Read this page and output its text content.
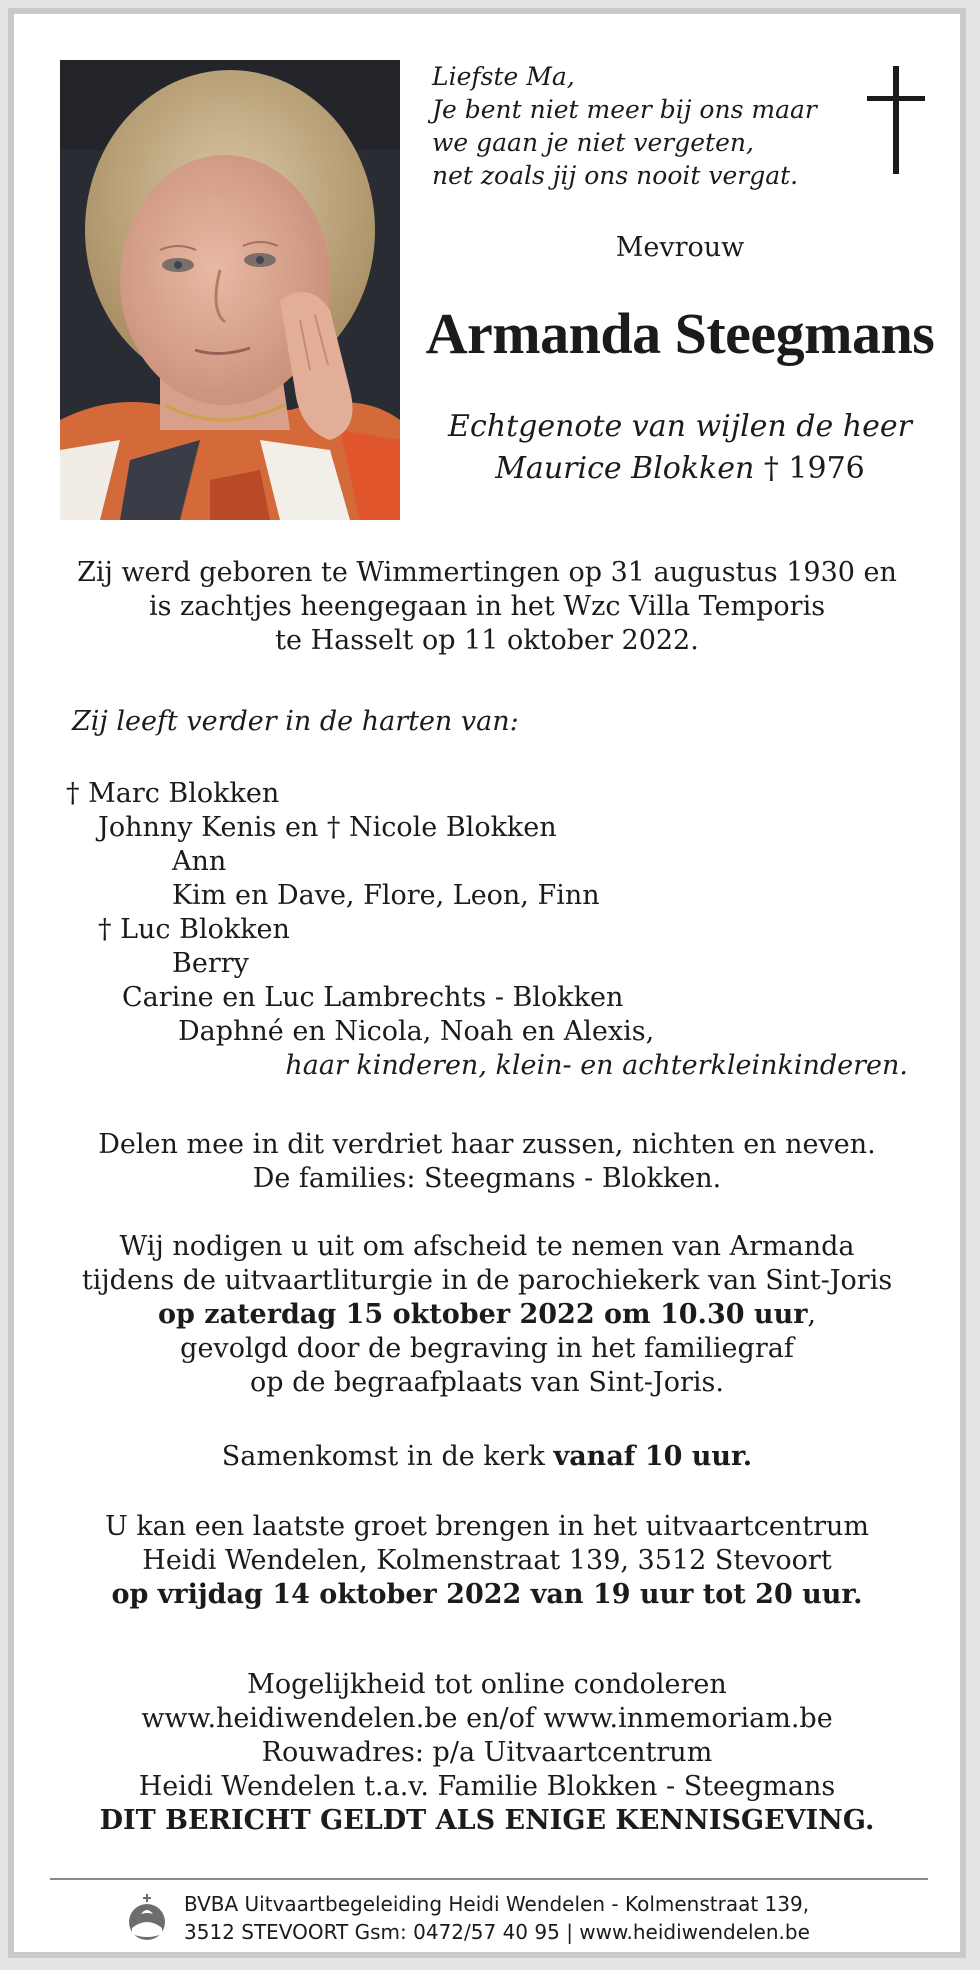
Liefste Ma,
Je bent niet meer bij ons maar
we gaan je niet vergeten,
net zoals jij ons nooit vergat.
Mevrouw
Armanda Steegmans
Echtgenote van wijlen de heer
Maurice Blokken † 1976
Zij werd geboren te Wimmertingen op 31 augustus 1930 en
is zachtjes heengegaan in het Wzc Villa Temporis
te Hasselt op 11 oktober 2022.
Zij leeft verder in de harten van:
† Marc Blokken
Johnny Kenis en † Nicole Blokken
Ann
Kim en Dave, Flore, Leon, Finn
† Luc Blokken
Berry
Carine en Luc Lambrechts - Blokken
Daphné en Nicola, Noah en Alexis,
haar kinderen, klein- en achterkleinkinderen.
Delen mee in dit verdriet haar zussen, nichten en neven.
De families: Steegmans - Blokken.
Wij nodigen u uit om afscheid te nemen van Armanda
tijdens de uitvaartliturgie in de parochiekerk van Sint-Joris
op zaterdag 15 oktober 2022 om 10.30 uur,
gevolgd door de begraving in het familiegraf
op de begraafplaats van Sint-Joris.
Samenkomst in de kerk vanaf 10 uur.
U kan een laatste groet brengen in het uitvaartcentrum
Heidi Wendelen, Kolmenstraat 139, 3512 Stevoort
op vrijdag 14 oktober 2022 van 19 uur tot 20 uur.
Mogelijkheid tot online condoleren
www.heidiwendelen.be en/of www.inmemoriam.be
Rouwadres: p/a Uitvaartcentrum
Heidi Wendelen t.a.v. Familie Blokken - Steegmans
DIT BERICHT GELDT ALS ENIGE KENNISGEVING.
BVBA Uitvaartbegeleiding Heidi Wendelen - Kolmenstraat 139,
3512 STEVOORT Gsm: 0472/57 40 95 | www.heidiwendelen.be
